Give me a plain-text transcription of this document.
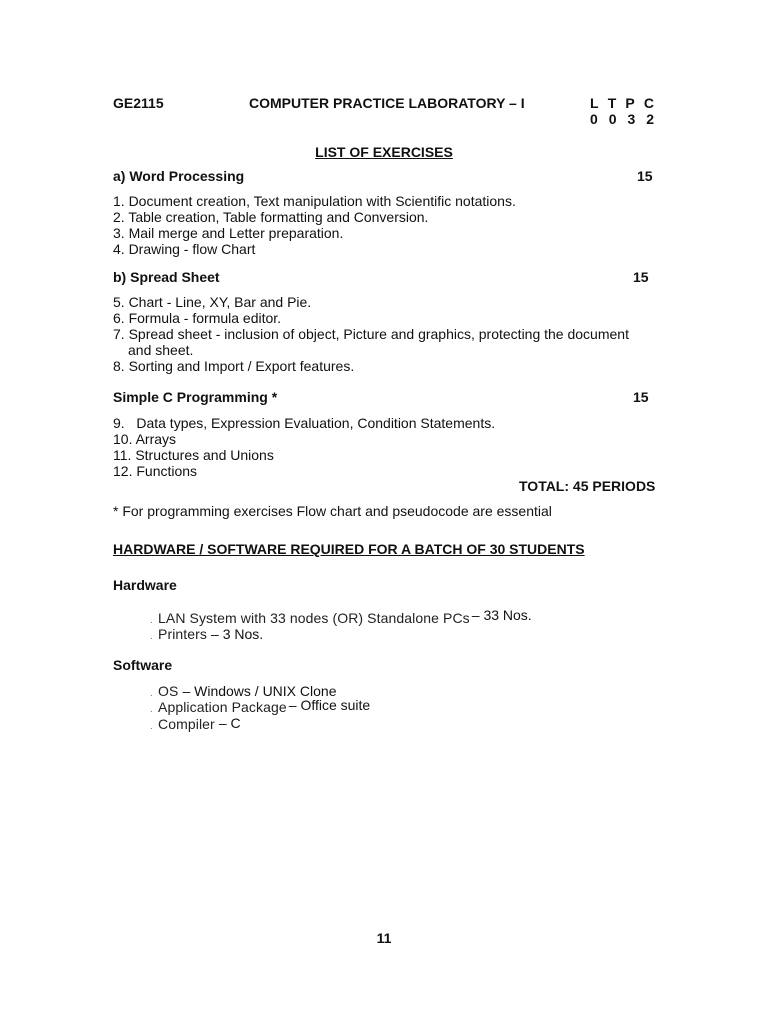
GE2115	COMPUTER PRACTICE LABORATORY – I	L T P C
0 0 3 2
LIST OF EXERCISES
a) Word Processing	15
1. Document creation, Text manipulation with Scientific notations.
2. Table creation, Table formatting and Conversion.
3. Mail merge and Letter preparation.
4. Drawing - flow Chart
b) Spread Sheet	15
5. Chart - Line, XY, Bar and Pie.
6. Formula - formula editor.
7. Spread sheet - inclusion of object, Picture and graphics, protecting the document
and sheet.
8. Sorting and Import / Export features.
Simple C Programming *	15
9.   Data types, Expression Evaluation, Condition Statements.
10. Arrays
11. Structures and Unions
12. Functions
TOTAL: 45 PERIODS
* For programming exercises Flow chart and pseudocode are essential
HARDWARE / SOFTWARE REQUIRED FOR A BATCH OF 30 STUDENTS
Hardware
. LAN System with 33 nodes (OR) Standalone PCs – 33 Nos.
. Printers – 3 Nos.
Software
. OS – Windows / UNIX Clone
. Application Package – Office suite
. Compiler – C
11
